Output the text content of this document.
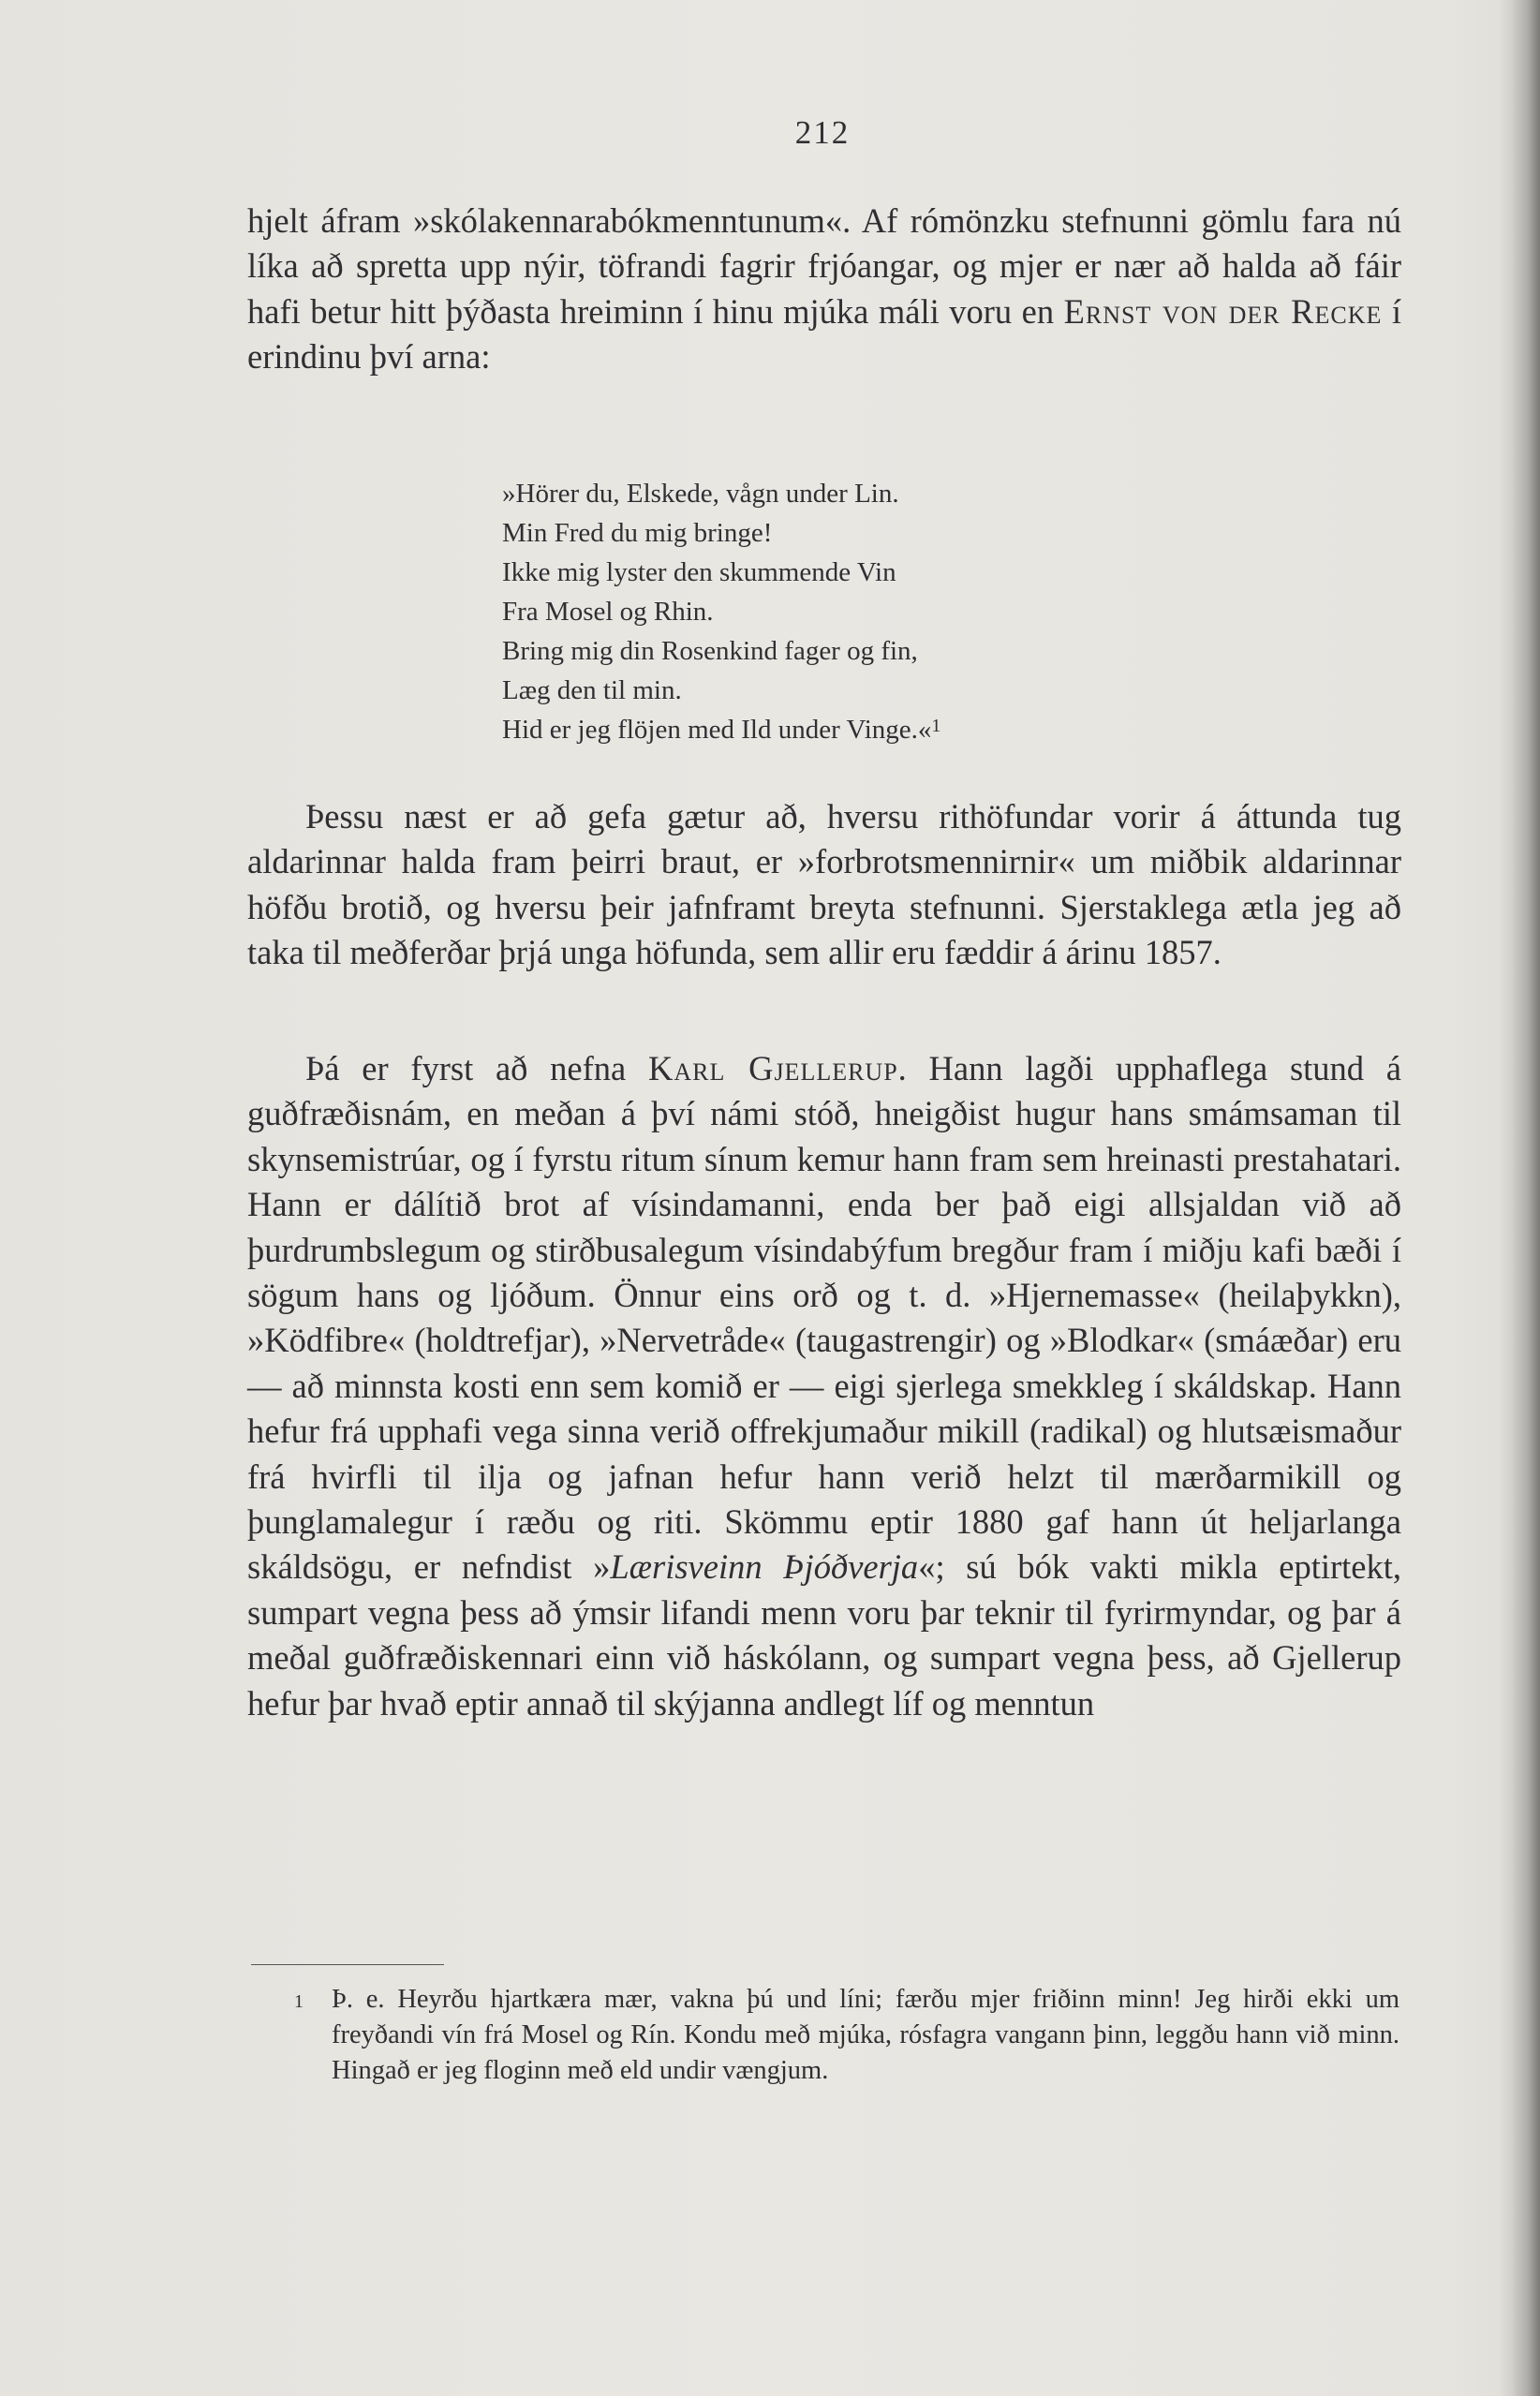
212

hjelt áfram »skólakennarabókmenntunum«. Af rómönzku stefnunni gömlu fara nú líka að spretta upp nýir, töfrandi fagrir frjóangar, og mjer er nær að halda að fáir hafi betur hitt þýðasta hreiminn í hinu mjúka máli voru en Ernst von der Recke í erindinu því arna:

»Hörer du, Elskede, vågn under Lin.
Min Fred du mig bringe!
Ikke mig lyster den skummende Vin
Fra Mosel og Rhin.
Bring mig din Rosenkind fager og fin,
Læg den til min.
Hid er jeg flöjen med Ild under Vinge.«$^1$

Þessu næst er að gefa gætur að, hversu rithöfundar vorir á áttunda tug aldarinnar halda fram þeirri braut, er »forbrotsmennirnir« um miðbik aldarinnar höfðu brotið, og hversu þeir jafnframt breyta stefnunni. Sjerstaklega ætla jeg að taka til meðferðar þrjá unga höfunda, sem allir eru fæddir á árinu 1857.

Þá er fyrst að nefna Karl Gjellerup. Hann lagði upphaflega stund á guðfræðisnám, en meðan á því námi stóð, hneigðist hugur hans smámsaman til skynsemistrúar, og í fyrstu ritum sínum kemur hann fram sem hreinasti prestahatari. Hann er dálítið brot af vísindamanni, enda ber það eigi allsjaldan við að þurdrumbslegum og stirðbusalegum vísindabýfum bregður fram í miðju kafi bæði í sögum hans og ljóðum. Önnur eins orð og t. d. »Hjernemasse« (heilaþykkn), »Ködfibre« (holdtrefjar), »Nervetråde« (taugastrengir) og »Blodkar« (smáæðar) eru — að minnsta kosti enn sem komið er — eigi sjerlega smekkleg í skáldskap. Hann hefur frá upphafi vega sinna verið offrekjumaður mikill (radikal) og hlutsæismaður frá hvirfli til ilja og jafnan hefur hann verið helzt til mærðarmikill og þunglamalegur í ræðu og riti. Skömmu eptir 1880 gaf hann út heljarlanga skáldsögu, er nefndist »Lærisveinn Þjóðverja«; sú bók vakti mikla eptirtekt, sumpart vegna þess að ýmsir lifandi menn voru þar teknir til fyrirmyndar, og þar á meðal guðfræðiskennari einn við háskólann, og sumpart vegna þess, að Gjellerup hefur þar hvað eptir annað til skýjanna andlegt líf og menntun

1 Þ. e. Heyrðu hjartkæra mær, vakna þú und líni; færðu mjer friðinn minn! Jeg hirði ekki um freyðandi vín frá Mosel og Rín. Kondu með mjúka, rósfagra vangann þinn, leggðu hann við minn. Hingað er jeg floginn með eld undir vængjum.
